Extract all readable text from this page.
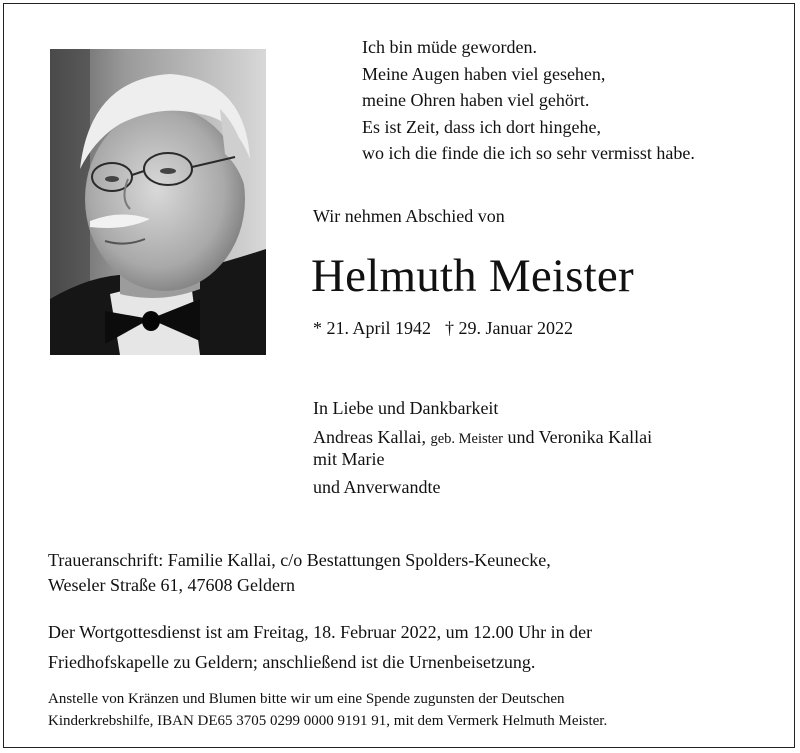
Ich bin müde geworden.
Meine Augen haben viel gesehen,
meine Ohren haben viel gehört.
Es ist Zeit, dass ich dort hingehe,
wo ich die finde die ich so sehr vermisst habe.
Wir nehmen Abschied von
Helmuth Meister
* 21. April 1942 † 29. Januar 2022
In Liebe und Dankbarkeit
Andreas Kallai, geb. Meister und Veronika Kallai
mit Marie
und Anverwandte
Traueranschrift: Familie Kallai, c/o Bestattungen Spolders-Keunecke,
Weseler Straße 61, 47608 Geldern
Der Wortgottesdienst ist am Freitag, 18. Februar 2022, um 12.00 Uhr in der
Friedhofskapelle zu Geldern; anschließend ist die Urnenbeisetzung.
Anstelle von Kränzen und Blumen bitte wir um eine Spende zugunsten der Deutschen
Kinderkrebshilfe, IBAN DE65 3705 0299 0000 9191 91, mit dem Vermerk Helmuth Meister.
